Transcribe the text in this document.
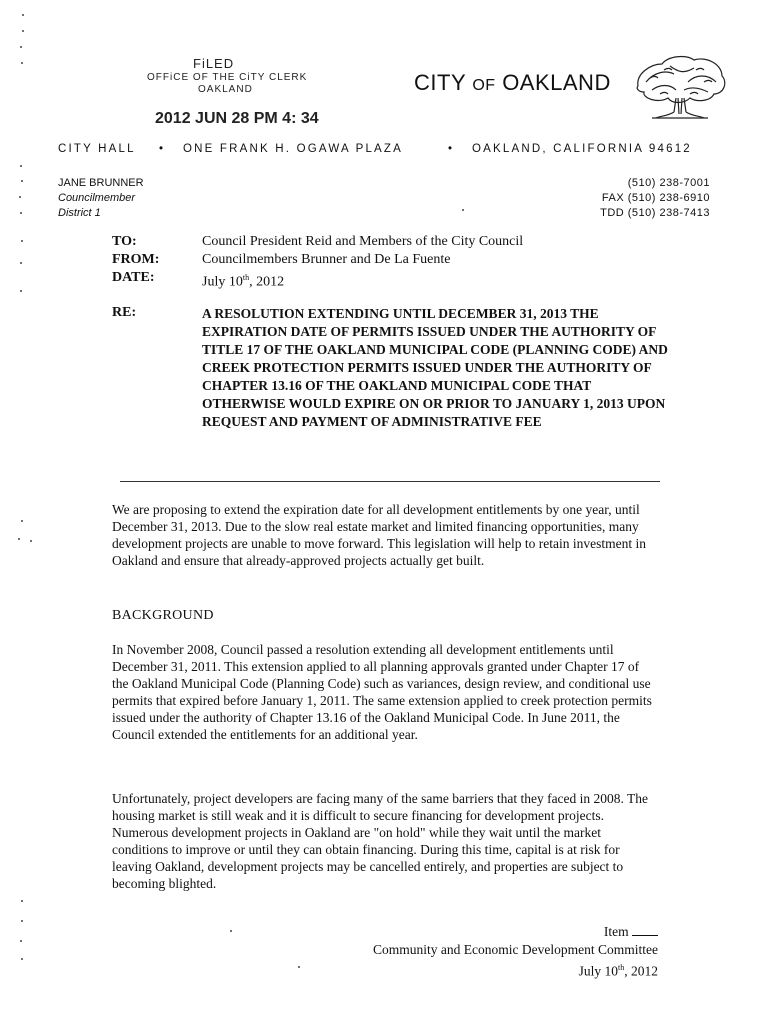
FiLED
OFFiCE OF THE CiTY CLERK
OAKLAND
2012 JUN 28 PM 4: 34
CITY OF OAKLAND
CITY HALL • ONE FRANK H. OGAWA PLAZA	• OAKLAND, CALIFORNIA 94612
JANE BRUNNER
Councilmember
District 1
(510) 238-7001
FAX (510) 238-6910
TDD (510) 238-7413
TO:	Council President Reid and Members of the City Council
FROM:	Councilmembers Brunner and De La Fuente
DATE:	July 10th, 2012
RE:	A RESOLUTION EXTENDING UNTIL DECEMBER 31, 2013 THE EXPIRATION DATE OF PERMITS ISSUED UNDER THE AUTHORITY OF TITLE 17 OF THE OAKLAND MUNICIPAL CODE (PLANNING CODE) AND CREEK PROTECTION PERMITS ISSUED UNDER THE AUTHORITY OF CHAPTER 13.16 OF THE OAKLAND MUNICIPAL CODE THAT OTHERWISE WOULD EXPIRE ON OR PRIOR TO JANUARY 1, 2013 UPON REQUEST AND PAYMENT OF ADMINISTRATIVE FEE
We are proposing to extend the expiration date for all development entitlements by one year, until December 31, 2013. Due to the slow real estate market and limited financing opportunities, many development projects are unable to move forward. This legislation will help to retain investment in Oakland and ensure that already-approved projects actually get built.
BACKGROUND
In November 2008, Council passed a resolution extending all development entitlements until December 31, 2011. This extension applied to all planning approvals granted under Chapter 17 of the Oakland Municipal Code (Planning Code) such as variances, design review, and conditional use permits that expired before January 1, 2011. The same extension applied to creek protection permits issued under the authority of Chapter 13.16 of the Oakland Municipal Code. In June 2011, the Council extended the entitlements for an additional year.
Unfortunately, project developers are facing many of the same barriers that they faced in 2008. The housing market is still weak and it is difficult to secure financing for development projects. Numerous development projects in Oakland are "on hold" while they wait until the market conditions to improve or until they can obtain financing. During this time, capital is at risk for leaving Oakland, development projects may be cancelled entirely, and properties are subject to becoming blighted.
Item
Community and Economic Development Committee
July 10th, 2012
